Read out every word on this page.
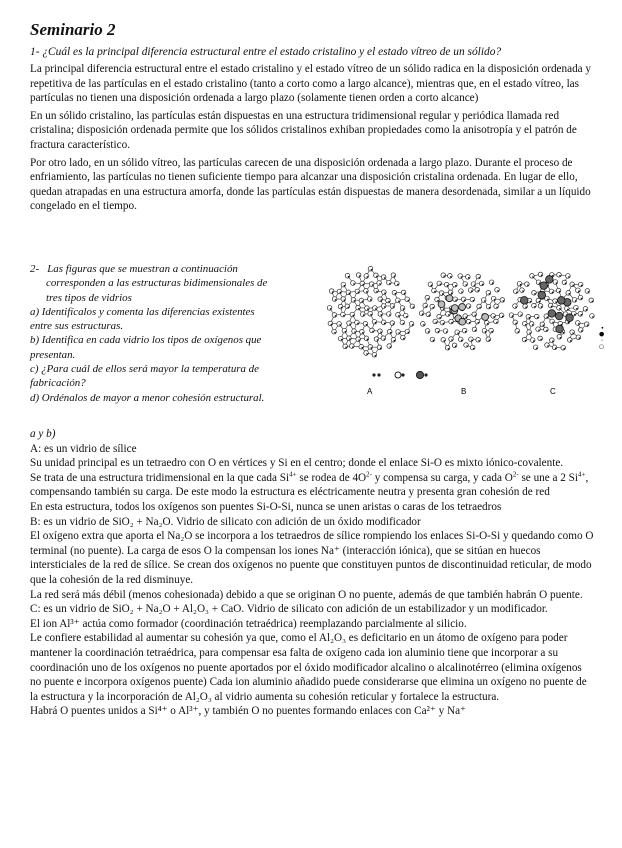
Seminario 2

1- ¿Cuál es la principal diferencia estructural entre el estado cristalino y el estado vítreo de un sólido?

La principal diferencia estructural entre el estado cristalino y el estado vítreo de un sólido radica en la disposición ordenada y repetitiva de las partículas en el estado cristalino (tanto a corto como a largo alcance), mientras que, en el estado vítreo, las partículas no tienen una disposición ordenada a largo plazo (solamente tienen orden a corto alcance)

En un sólido cristalino, las partículas están dispuestas en una estructura tridimensional regular y periódica llamada red cristalina; disposición ordenada permite que los sólidos cristalinos exhiban propiedades como la anisotropía y el patrón de fractura característico.

Por otro lado, en un sólido vítreo, las partículas carecen de una disposición ordenada a largo plazo. Durante el proceso de enfriamiento, las partículas no tienen suficiente tiempo para alcanzar una disposición cristalina ordenada. En lugar de ello, quedan atrapadas en una estructura amorfa, donde las partículas están dispuestas de manera desordenada, similar a un líquido congelado en el tiempo.

2- Las figuras que se muestran a continuación

corresponden a las estructuras bidimensionales de

tres tipos de vidrios

a) Identifícalos y comenta las diferencias existentes

entre sus estructuras.

b) Identifica en cada vidrio los tipos de oxígenos que

presentan.

c) ¿Para cuál de ellos será mayor la temperatura de

fabricación?

d) Ordénalos de mayor a menor cohesión estructural.

• ● ◦ ○
A	B	C

a y b)

A: es un vidrio de sílice

Su unidad principal es un tetraedro con O en vértices y Si en el centro; donde el enlace Si-O es mixto iónico-covalente.

Se trata de una estructura tridimensional en la que cada $Si^{4+}$ se rodea de $4O^{2-}$ y compensa su carga, y cada $O^{2-}$ se une a 2 $Si^{4+}$, compensando también su carga. De este modo la estructura es eléctricamente neutra y presenta gran cohesión de red

En esta estructura, todos los oxígenos son puentes Si-O-Si, nunca se unen aristas o caras de los tetraedros

B: es un vidrio de SiO₂ + Na₂O. Vidrio de silicato con adición de un óxido modificador

El oxígeno extra que aporta el Na₂O se incorpora a los tetraedros de sílice rompiendo los enlaces Si-O-Si y quedando como O terminal (no puente). La carga de esos O la compensan los iones Na⁺ (interacción iónica), que se sitúan en huecos intersticiales de la red de sílice. Se crean dos oxígenos no puente que constituyen puntos de discontinuidad reticular, de modo que la cohesión de la red disminuye.

La red será más débil (menos cohesionada) debido a que se originan O no puente, además de que también habrán O puente.

C: es un vidrio de SiO₂ + Na₂O + Al₂O₃ + CaO. Vidrio de silicato con adición de un estabilizador y un modificador.

El ion Al³⁺ actúa como formador (coordinación tetraédrica) reemplazando parcialmente al silicio.

Le confiere estabilidad al aumentar su cohesión ya que, como el Al₂O₃ es deficitario en un átomo de oxígeno para poder mantener la coordinación tetraédrica, para compensar esa falta de oxígeno cada ion aluminio tiene que incorporar a su coordinación uno de los oxígenos no puente aportados por el óxido modificador alcalino o alcalinotérreo (elimina oxígenos no puente e incorpora oxígenos puente) Cada ion aluminio añadido puede considerarse que elimina un oxígeno no puente de la estructura y la incorporación de Al₂O₃ al vidrio aumenta su cohesión reticular y fortalece la estructura.

Habrá O puentes unidos a Si⁴⁺ o Al³⁺, y también O no puentes formando enlaces con Ca²⁺ y Na⁺
